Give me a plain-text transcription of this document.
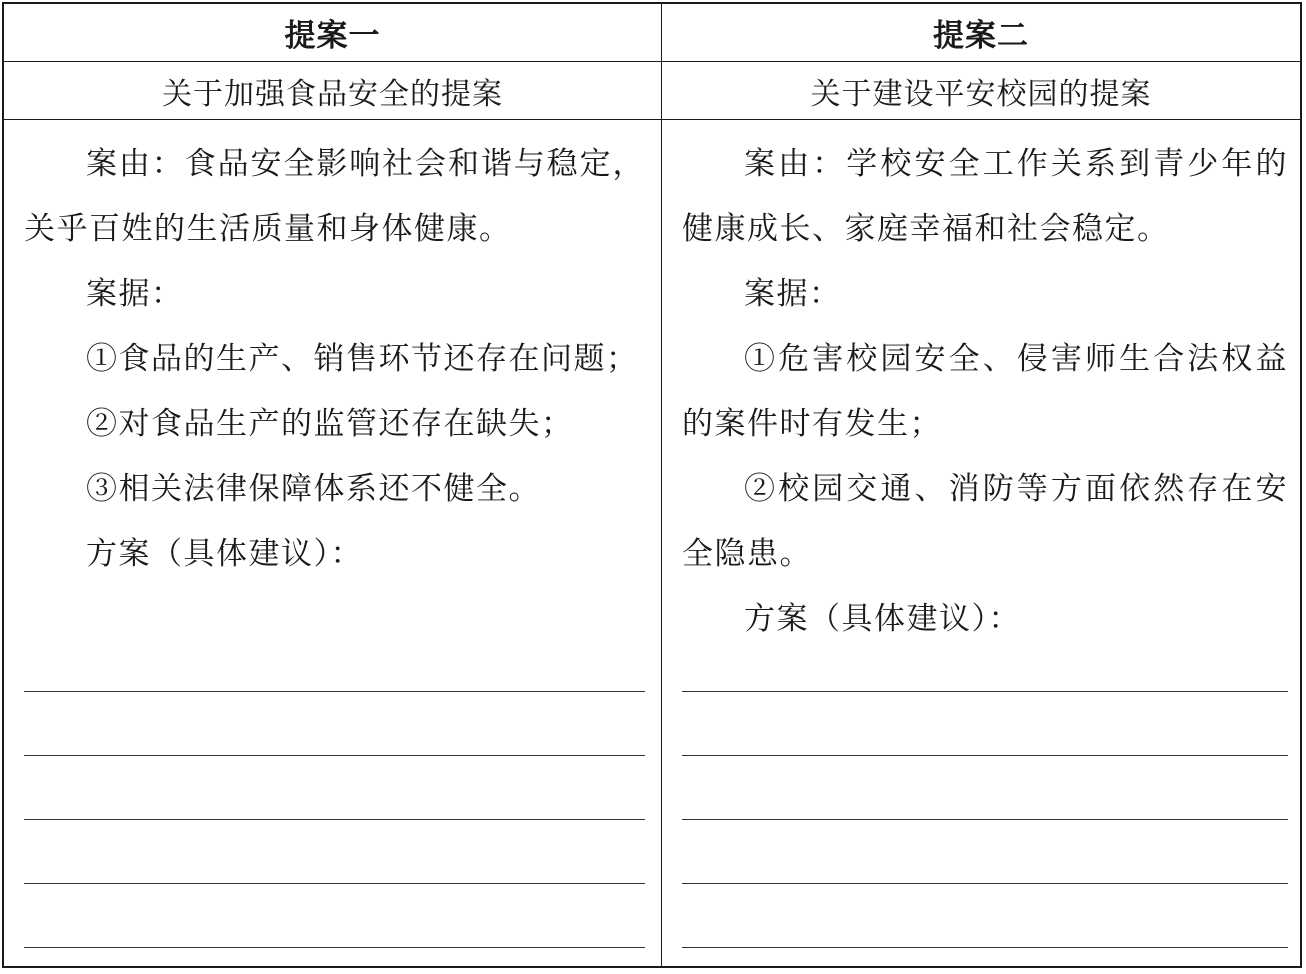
提案一	提案二
关于加强食品安全的提案	关于建设平安校园的提案

案由：食品安全影响社会和谐与稳定，关乎百姓的生活质量和身体健康。

案据：

①食品的生产、销售环节还存在问题；

②对食品生产的监管还存在缺失；

③相关法律保障体系还不健全。

方案（具体建议）：

案由：学校安全工作关系到青少年的健康成长、家庭幸福和社会稳定。

案据：

①危害校园安全、侵害师生合法权益的案件时有发生；

②校园交通、消防等方面依然存在安全隐患。

方案（具体建议）：
